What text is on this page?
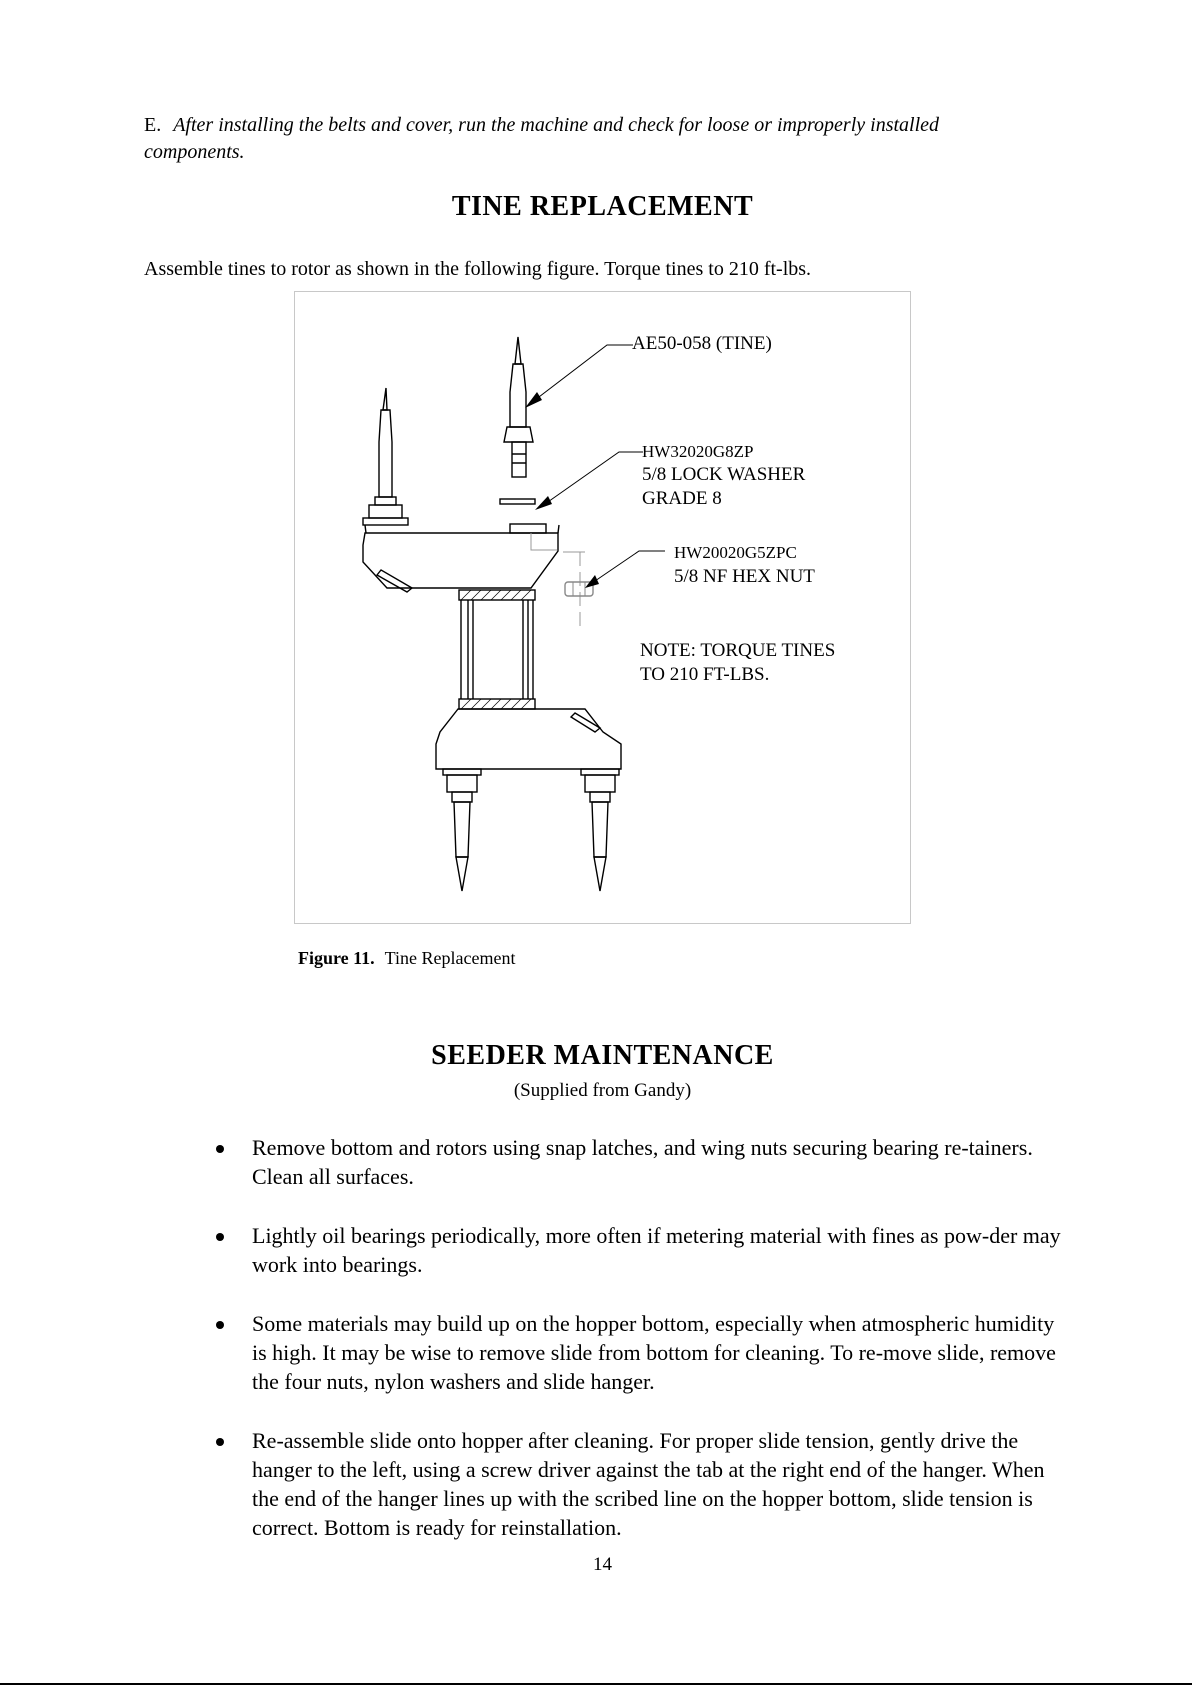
E. After installing the belts and cover, run the machine and check for loose or improperly installed components.
TINE REPLACEMENT
Assemble tines to rotor as shown in the following figure. Torque tines to 210 ft-lbs.
AE50-058 (TINE)
HW32020G8ZP
5/8 LOCK WASHER
GRADE 8
HW20020G5ZPC
5/8 NF HEX NUT
NOTE: TORQUE TINES
TO 210 FT-LBS.
Figure 11. Tine Replacement
SEEDER MAINTENANCE
(Supplied from Gandy)
Remove bottom and rotors using snap latches, and wing nuts securing bearing re-tainers. Clean all surfaces.
Lightly oil bearings periodically, more often if metering material with fines as pow-der may work into bearings.
Some materials may build up on the hopper bottom, especially when atmospheric humidity is high. It may be wise to remove slide from bottom for cleaning. To re-move slide, remove the four nuts, nylon washers and slide hanger.
Re-assemble slide onto hopper after cleaning. For proper slide tension, gently drive the hanger to the left, using a screw driver against the tab at the right end of the hanger. When the end of the hanger lines up with the scribed line on the hopper bottom, slide tension is correct. Bottom is ready for reinstallation.
14
